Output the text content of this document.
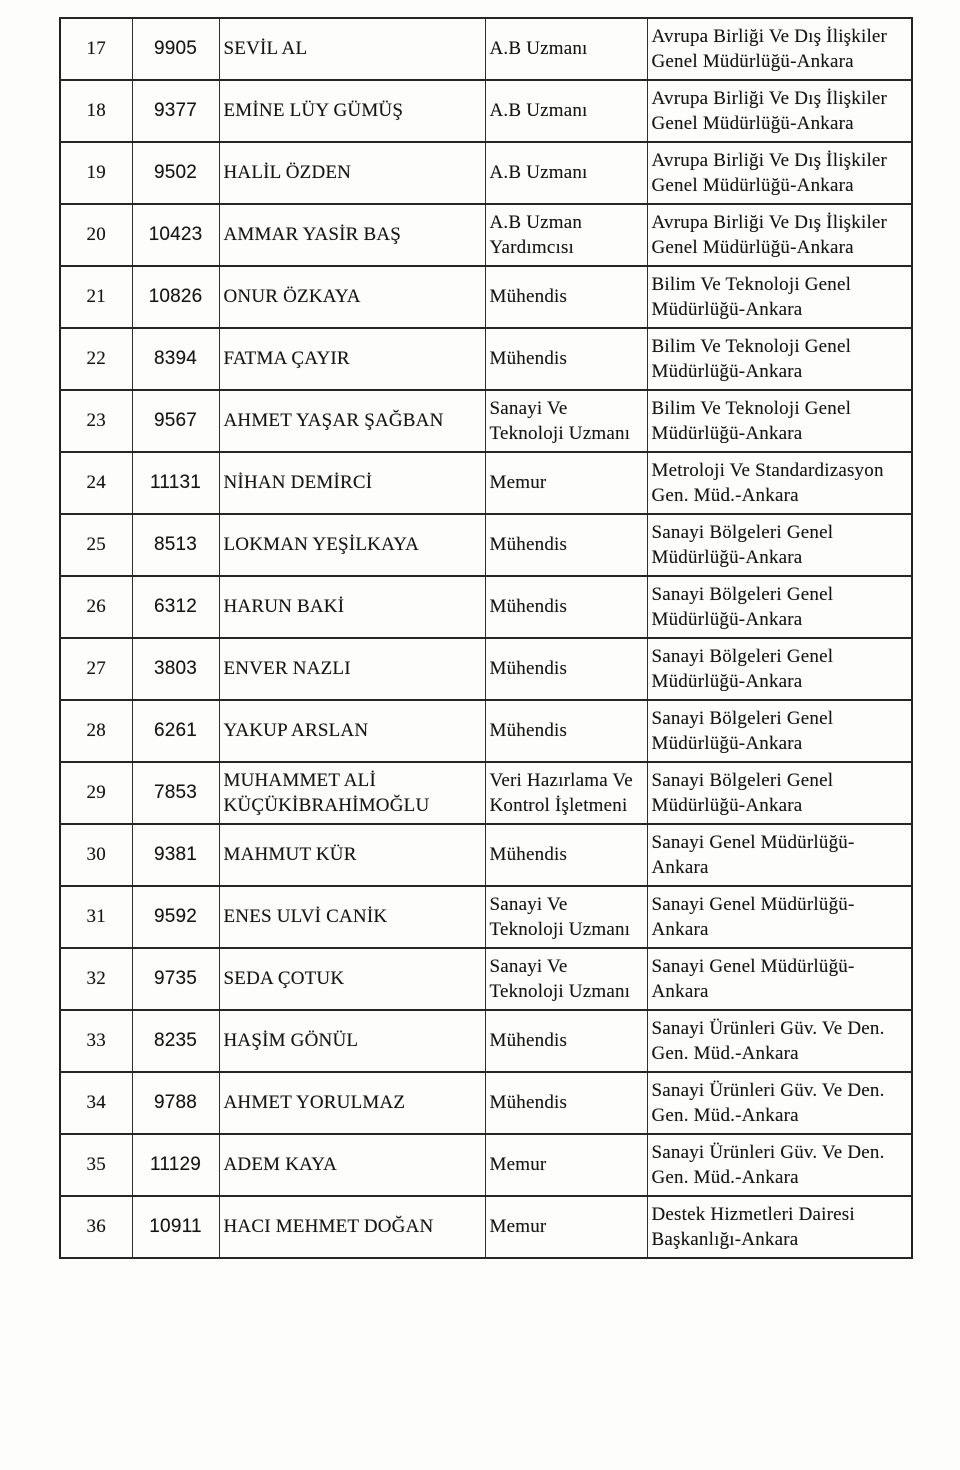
17	9905	SEVİL AL	A.B Uzmanı	Avrupa Birliği Ve Dış İlişkiler Genel Müdürlüğü-Ankara
18	9377	EMİNE LÜY GÜMÜŞ	A.B Uzmanı	Avrupa Birliği Ve Dış İlişkiler Genel Müdürlüğü-Ankara
19	9502	HALİL ÖZDEN	A.B Uzmanı	Avrupa Birliği Ve Dış İlişkiler Genel Müdürlüğü-Ankara
20	10423	AMMAR YASİR BAŞ	A.B Uzman Yardımcısı	Avrupa Birliği Ve Dış İlişkiler Genel Müdürlüğü-Ankara
21	10826	ONUR ÖZKAYA	Mühendis	Bilim Ve Teknoloji Genel Müdürlüğü-Ankara
22	8394	FATMA ÇAYIR	Mühendis	Bilim Ve Teknoloji Genel Müdürlüğü-Ankara
23	9567	AHMET YAŞAR ŞAĞBAN	Sanayi Ve Teknoloji Uzmanı	Bilim Ve Teknoloji Genel Müdürlüğü-Ankara
24	11131	NİHAN DEMİRCİ	Memur	Metroloji Ve Standardizasyon Gen. Müd.-Ankara
25	8513	LOKMAN YEŞİLKAYA	Mühendis	Sanayi Bölgeleri Genel Müdürlüğü-Ankara
26	6312	HARUN BAKİ	Mühendis	Sanayi Bölgeleri Genel Müdürlüğü-Ankara
27	3803	ENVER NAZLI	Mühendis	Sanayi Bölgeleri Genel Müdürlüğü-Ankara
28	6261	YAKUP ARSLAN	Mühendis	Sanayi Bölgeleri Genel Müdürlüğü-Ankara
29	7853	MUHAMMET ALİ KÜÇÜKİBRAHİMOĞLU	Veri Hazırlama Ve Kontrol İşletmeni	Sanayi Bölgeleri Genel Müdürlüğü-Ankara
30	9381	MAHMUT KÜR	Mühendis	Sanayi Genel Müdürlüğü-Ankara
31	9592	ENES ULVİ CANİK	Sanayi Ve Teknoloji Uzmanı	Sanayi Genel Müdürlüğü-Ankara
32	9735	SEDA ÇOTUK	Sanayi Ve Teknoloji Uzmanı	Sanayi Genel Müdürlüğü-Ankara
33	8235	HAŞİM GÖNÜL	Mühendis	Sanayi Ürünleri Güv. Ve Den. Gen. Müd.-Ankara
34	9788	AHMET YORULMAZ	Mühendis	Sanayi Ürünleri Güv. Ve Den. Gen. Müd.-Ankara
35	11129	ADEM KAYA	Memur	Sanayi Ürünleri Güv. Ve Den. Gen. Müd.-Ankara
36	10911	HACI MEHMET DOĞAN	Memur	Destek Hizmetleri Dairesi Başkanlığı-Ankara
